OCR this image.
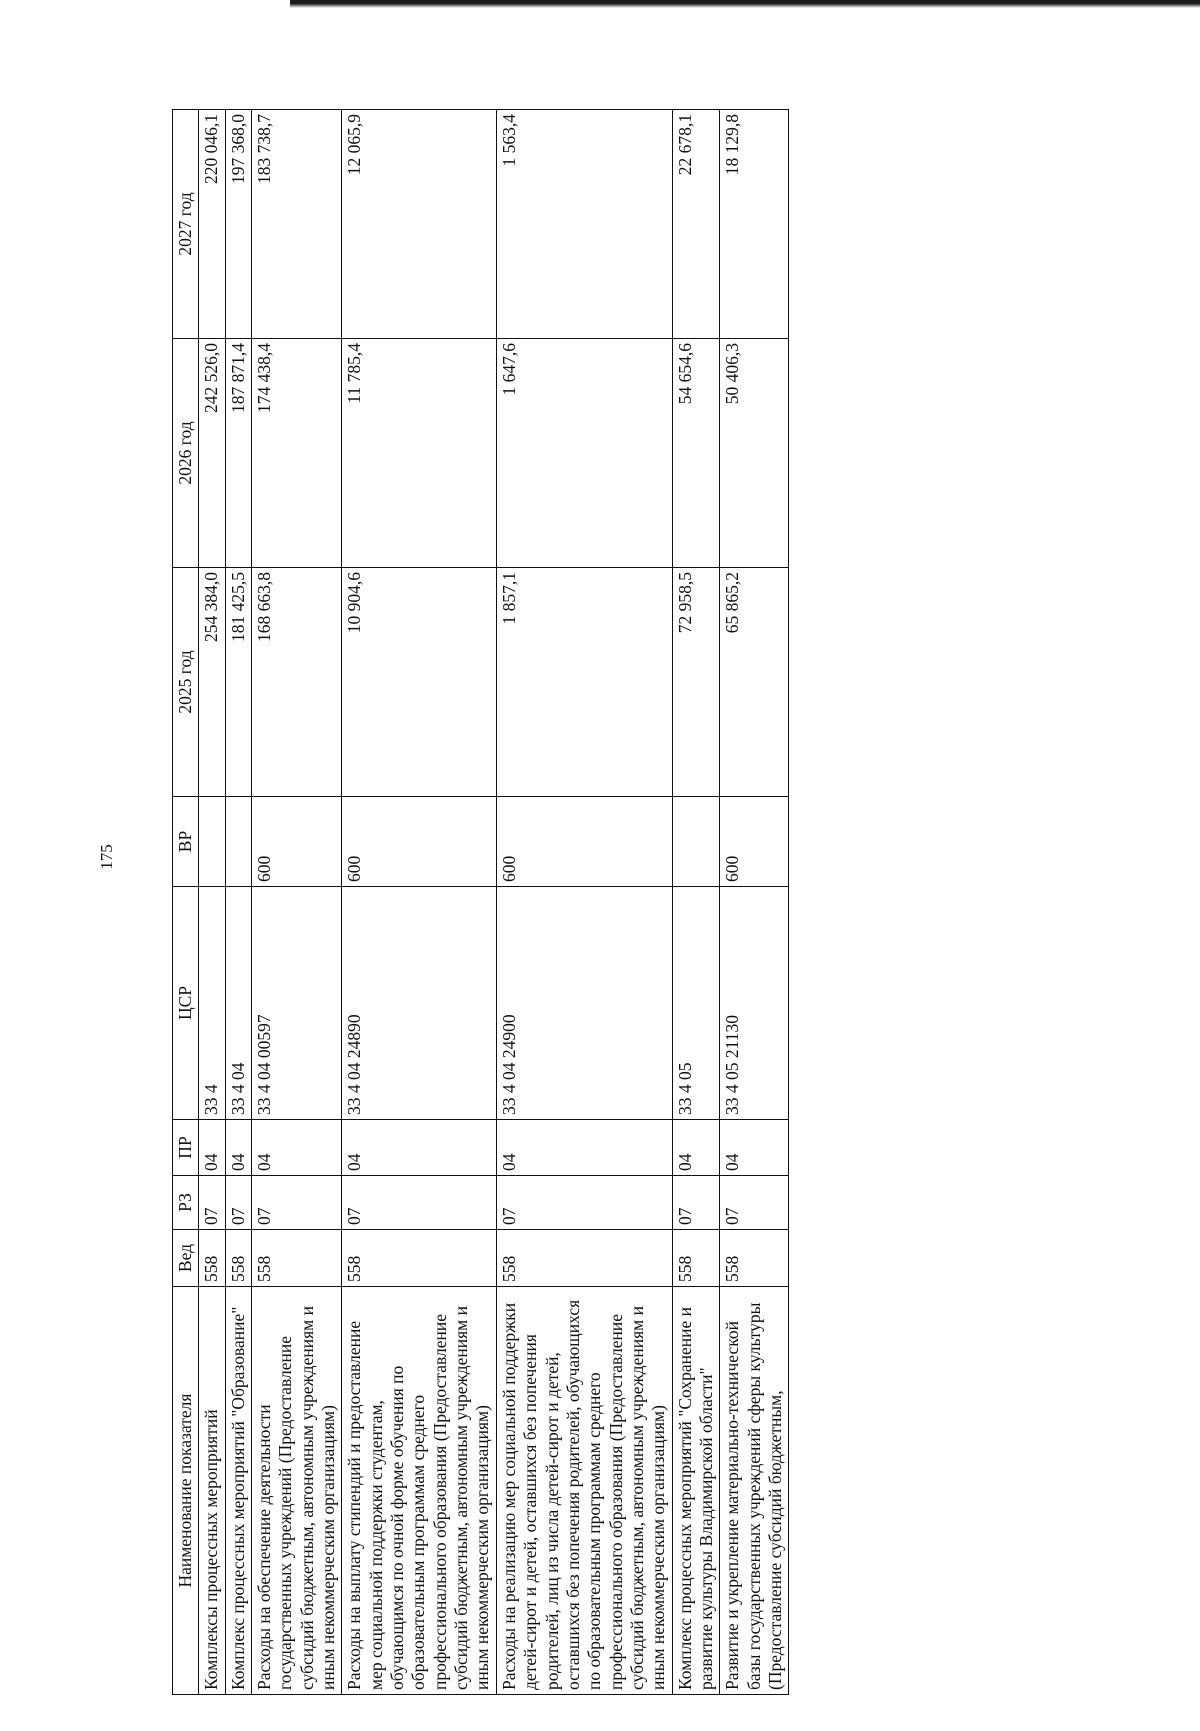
175
Наименование показателя	Вед	РЗ	ПР	ЦСР	ВР	2025 год	2026 год	2027 год
Комплексы процессных мероприятий	558	07	04	33 4		254 384,0	242 526,0	220 046,1
Комплекс процессных мероприятий "Образование"	558	07	04	33 4 04		181 425,5	187 871,4	197 368,0
Расходы на обеспечение деятельности государственных учреждений (Предоставление субсидий бюджетным, автономным учреждениям и иным некоммерческим организациям)	558	07	04	33 4 04 00597	600	168 663,8	174 438,4	183 738,7
Расходы на выплату стипендий и предоставление мер социальной поддержки студентам, обучающимся по очной форме обучения по образовательным программам среднего профессионального образования (Предоставление субсидий бюджетным, автономным учреждениям и иным некоммерческим организациям)	558	07	04	33 4 04 24890	600	10 904,6	11 785,4	12 065,9
Расходы на реализацию мер социальной поддержки детей-сирот и детей, оставшихся без попечения родителей, лиц из числа детей-сирот и детей, оставшихся без попечения родителей, обучающихся по образовательным программам среднего профессионального образования (Предоставление субсидий бюджетным, автономным учреждениям и иным некоммерческим организациям)	558	07	04	33 4 04 24900	600	1 857,1	1 647,6	1 563,4
Комплекс процессных мероприятий "Сохранение и развитие культуры Владимирской области"	558	07	04	33 4 05		72 958,5	54 654,6	22 678,1
Развитие и укрепление материально-технической базы государственных учреждений сферы культуры (Предоставление субсидий бюджетным,	558	07	04	33 4 05 21130	600	65 865,2	50 406,3	18 129,8
